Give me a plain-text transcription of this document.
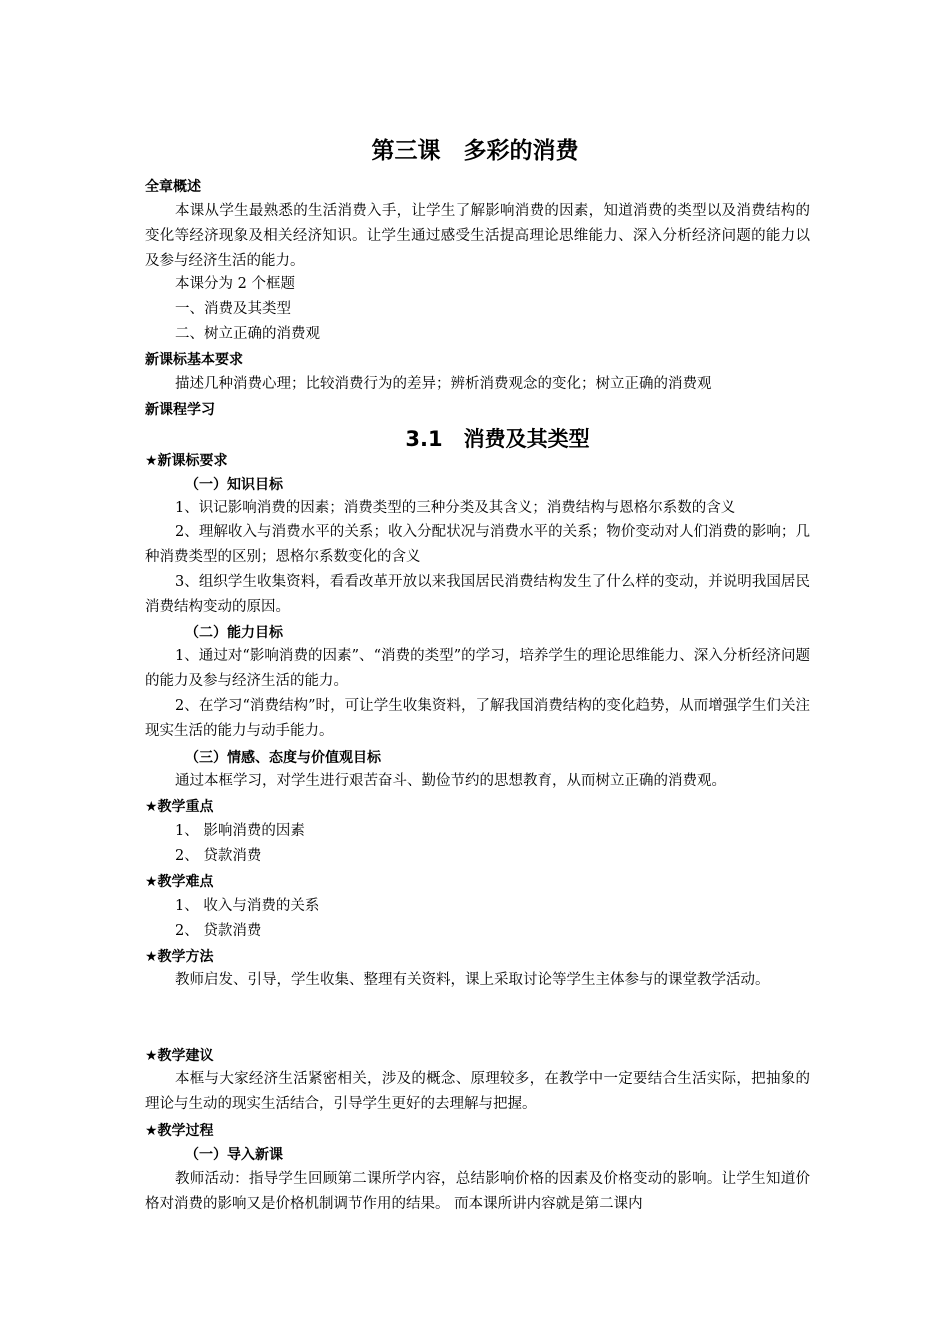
第三课　多彩的消费
全章概述
本课从学生最熟悉的生活消费入手，让学生了解影响消费的因素，知道消费的类型以及消费结构的变化等经济现象及相关经济知识。让学生通过感受生活提高理论思维能力、深入分析经济问题的能力以及参与经济生活的能力。
本课分为 2 个框题
一、消费及其类型
二、树立正确的消费观
新课标基本要求
描述几种消费心理；比较消费行为的差异；辨析消费观念的变化；树立正确的消费观
新课程学习
3.1　消费及其类型
★新课标要求
（一）知识目标
1、识记影响消费的因素；消费类型的三种分类及其含义；消费结构与恩格尔系数的含义
2、理解收入与消费水平的关系；收入分配状况与消费水平的关系；物价变动对人们消费的影响；几种消费类型的区别；恩格尔系数变化的含义
3、组织学生收集资料，看看改革开放以来我国居民消费结构发生了什么样的变动，并说明我国居民消费结构变动的原因。
（二）能力目标
1、通过对“影响消费的因素”、“消费的类型”的学习，培养学生的理论思维能力、深入分析经济问题的能力及参与经济生活的能力。
2、在学习“消费结构”时，可让学生收集资料，了解我国消费结构的变化趋势，从而增强学生们关注现实生活的能力与动手能力。
（三）情感、态度与价值观目标
通过本框学习，对学生进行艰苦奋斗、勤俭节约的思想教育，从而树立正确的消费观。
★教学重点
1、 影响消费的因素
2、 贷款消费
★教学难点
1、 收入与消费的关系
2、 贷款消费
★教学方法
教师启发、引导，学生收集、整理有关资料，课上采取讨论等学生主体参与的课堂教学活动。
★教学建议
本框与大家经济生活紧密相关，涉及的概念、原理较多，在教学中一定要结合生活实际，把抽象的理论与生动的现实生活结合，引导学生更好的去理解与把握。
★教学过程
（一）导入新课
教师活动：指导学生回顾第二课所学内容，总结影响价格的因素及价格变动的影响。让学生知道价格对消费的影响又是价格机制调节作用的结果。 而本课所讲内容就是第二课内
